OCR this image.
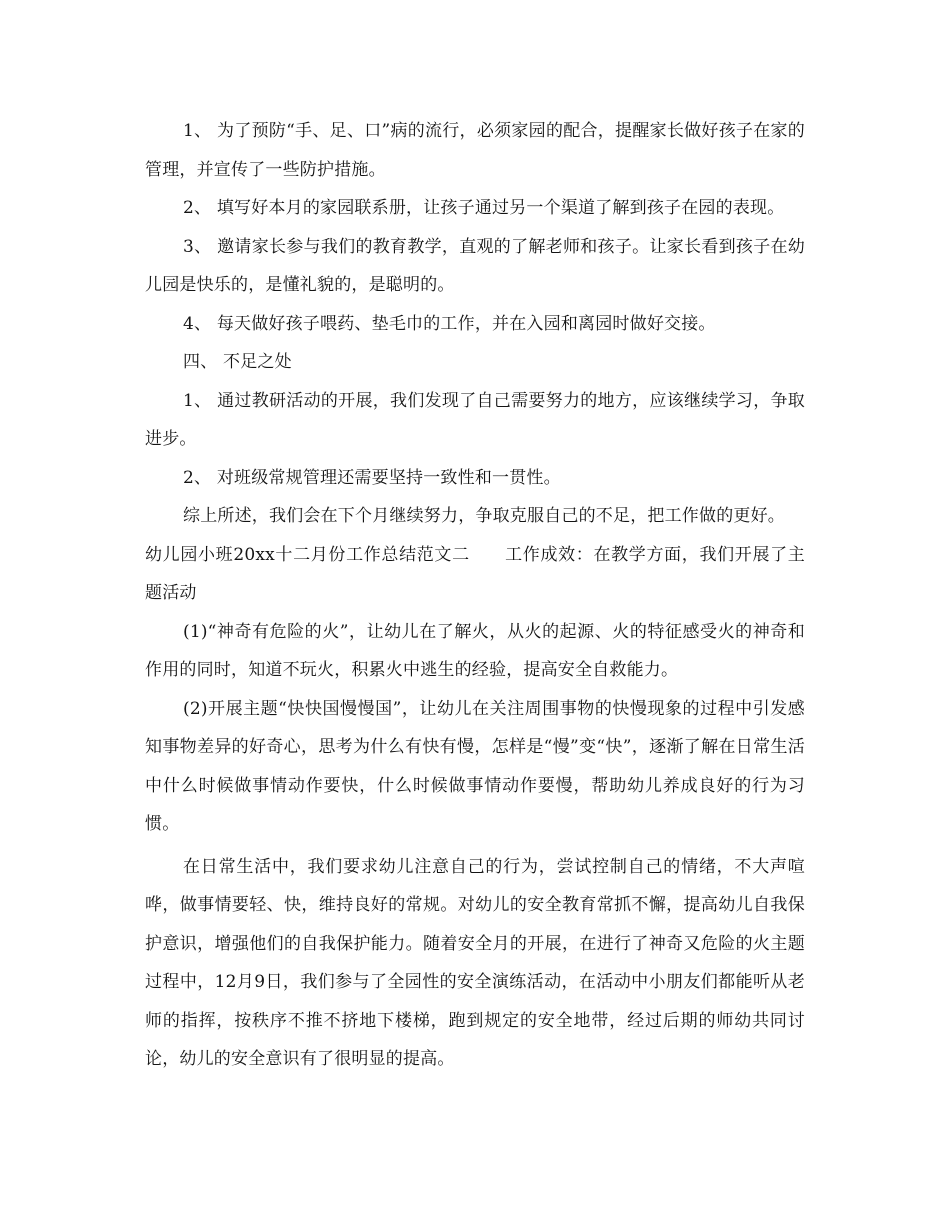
1、 为了预防“手、足、口”病的流行，必须家园的配合，提醒家长做好孩子在家的管理，并宣传了一些防护措施。

2、 填写好本月的家园联系册，让孩子通过另一个渠道了解到孩子在园的表现。

3、 邀请家长参与我们的教育教学，直观的了解老师和孩子。让家长看到孩子在幼儿园是快乐的，是懂礼貌的，是聪明的。

4、 每天做好孩子喂药、垫毛巾的工作，并在入园和离园时做好交接。

四、 不足之处

1、 通过教研活动的开展，我们发现了自己需要努力的地方，应该继续学习，争取进步。

2、 对班级常规管理还需要坚持一致性和一贯性。

综上所述，我们会在下个月继续努力，争取克服自己的不足，把工作做的更好。

幼儿园小班20xx十二月份工作总结范文二　　工作成效：在教学方面，我们开展了主题活动

(1)“神奇有危险的火”，让幼儿在了解火，从火的起源、火的特征感受火的神奇和作用的同时，知道不玩火，积累火中逃生的经验，提高安全自救能力。

(2)开展主题“快快国慢慢国”，让幼儿在关注周围事物的快慢现象的过程中引发感知事物差异的好奇心，思考为什么有快有慢，怎样是“慢”变“快”，逐渐了解在日常生活中什么时候做事情动作要快，什么时候做事情动作要慢，帮助幼儿养成良好的行为习惯。

在日常生活中，我们要求幼儿注意自己的行为，尝试控制自己的情绪，不大声喧哗，做事情要轻、快，维持良好的常规。对幼儿的安全教育常抓不懈，提高幼儿自我保护意识，增强他们的自我保护能力。随着安全月的开展，在进行了神奇又危险的火主题过程中，12月9日，我们参与了全园性的安全演练活动，在活动中小朋友们都能听从老师的指挥，按秩序不推不挤地下楼梯，跑到规定的安全地带，经过后期的师幼共同讨论，幼儿的安全意识有了很明显的提高。
